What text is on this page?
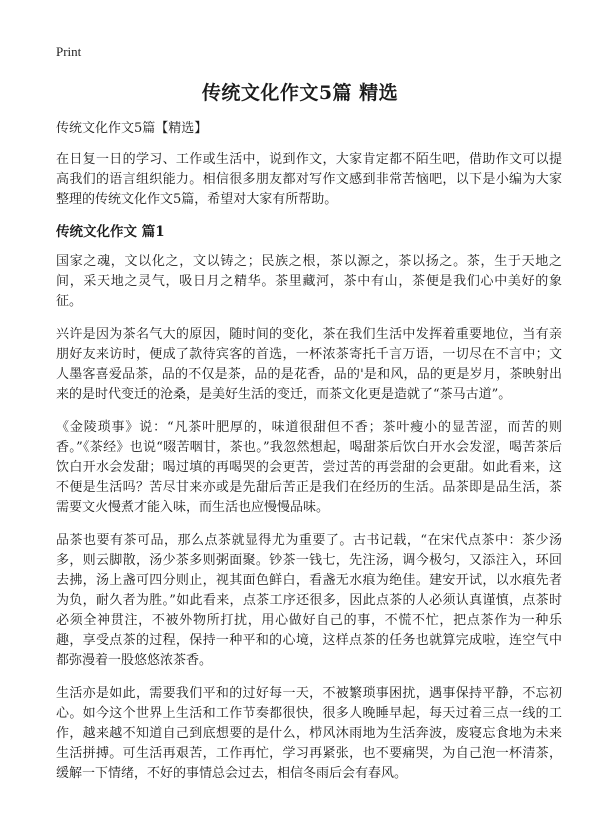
Print
传统文化作文5篇 精选

传统文化作文5篇【精选】

在日复一日的学习、工作或生活中，说到作文，大家肯定都不陌生吧，借助作文可以提高我们的语言组织能力。相信很多朋友都对写作文感到非常苦恼吧，以下是小编为大家整理的传统文化作文5篇，希望对大家有所帮助。

传统文化作文 篇1

国家之魂，文以化之，文以铸之；民族之根，茶以源之，茶以扬之。茶，生于天地之间，采天地之灵气，吸日月之精华。茶里藏河，茶中有山，茶便是我们心中美好的象征。

兴许是因为茶名气大的原因，随时间的变化，茶在我们生活中发挥着重要地位，当有亲朋好友来访时，便成了款待宾客的首选，一杯浓茶寄托千言万语，一切尽在不言中；文人墨客喜爱品茶，品的不仅是茶，品的是花香，品的'是和风，品的更是岁月，茶映射出来的是时代变迁的沧桑，是美好生活的变迁，而茶文化更是造就了“茶马古道”。

《金陵琐事》说：“凡茶叶肥厚的，味道很甜但不香；茶叶瘦小的显苦涩，而苦的则香。”《茶经》也说“啜苦咽甘，茶也。”我忽然想起，喝甜茶后饮白开水会发涩，喝苦茶后饮白开水会发甜；喝过填的再喝哭的会更苦，尝过苦的再尝甜的会更甜。如此看来，这不便是生活吗？苦尽甘来亦或是先甜后苦正是我们在经历的生活。品茶即是品生活，茶需要文火慢煮才能入味，而生活也应慢慢品味。

品茶也要有茶可品，那么点茶就显得尤为重要了。古书记载，“在宋代点茶中：茶少汤多，则云脚散，汤少茶多则粥面聚。钞茶一钱七，先注汤，调今极匀，又添注入，环回去拂，汤上盏可四分则止，视其面色鲜白，看盏无水痕为绝佳。建安开试，以水痕先者为负，耐久者为胜。”如此看来，点茶工序还很多，因此点茶的人必须认真谨慎，点茶时必须全神贯注，不被外物所打扰，用心做好自己的事，不慌不忙，把点茶作为一种乐趣，享受点茶的过程，保持一种平和的心境，这样点茶的任务也就算完成啦，连空气中都弥漫着一股悠悠浓茶香。

生活亦是如此，需要我们平和的过好每一天，不被繁琐事困扰，遇事保持平静，不忘初心。如今这个世界上生活和工作节奏都很快，很多人晚睡早起，每天过着三点一线的工作，越来越不知道自己到底想要的是什么，栉风沐雨地为生活奔波，废寝忘食地为未来生活拼搏。可生活再艰苦，工作再忙，学习再紧张，也不要痛哭，为自己泡一杯清茶，缓解一下情绪，不好的事情总会过去，相信冬雨后会有春风。
